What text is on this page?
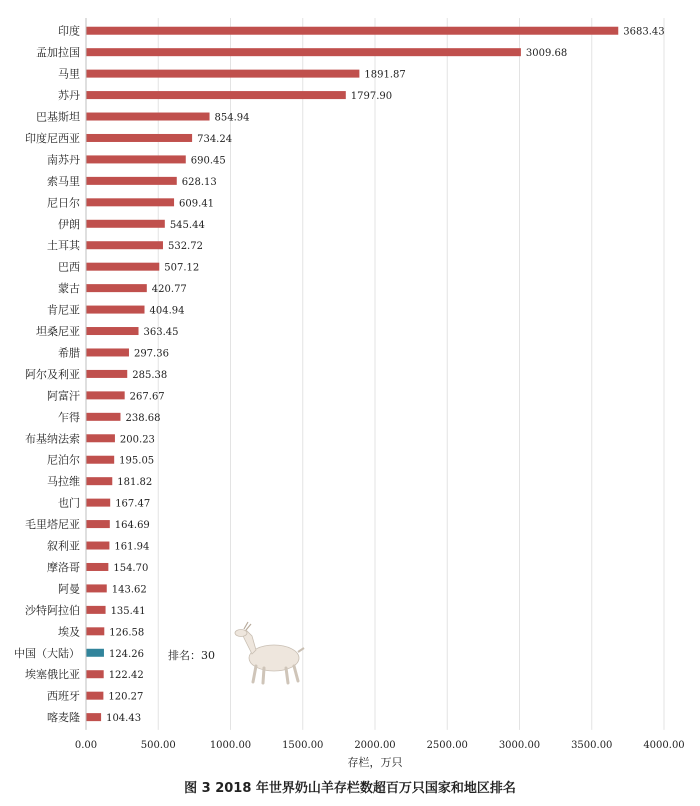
印度
孟加拉国
马里
苏丹
巴基斯坦
印度尼西亚
南苏丹
索马里
尼日尔
伊朗
土耳其
巴西
蒙古
肯尼亚
坦桑尼亚
希腊
阿尔及利亚
阿富汗
乍得
布基纳法索
尼泊尔
马拉维
也门
毛里塔尼亚
叙利亚
摩洛哥
阿曼
沙特阿拉伯
埃及
中国（大陆）
埃塞俄比亚
西班牙
喀麦隆
3683.43
3009.68
1891.87
1797.90
854.94
734.24
690.45
628.13
609.41
545.44
532.72
507.12
420.77
404.94
363.45
297.36
285.38
267.67
238.68
200.23
195.05
181.82
167.47
164.69
161.94
154.70
143.62
135.41
126.58
124.26
122.42
120.27
104.43
0.00	500.00	1000.00	1500.00	2000.00	2500.00	3000.00	3500.00	4000.00
存栏，万只
排名：30
图 3 2018 年世界奶山羊存栏数超百万只国家和地区排名
